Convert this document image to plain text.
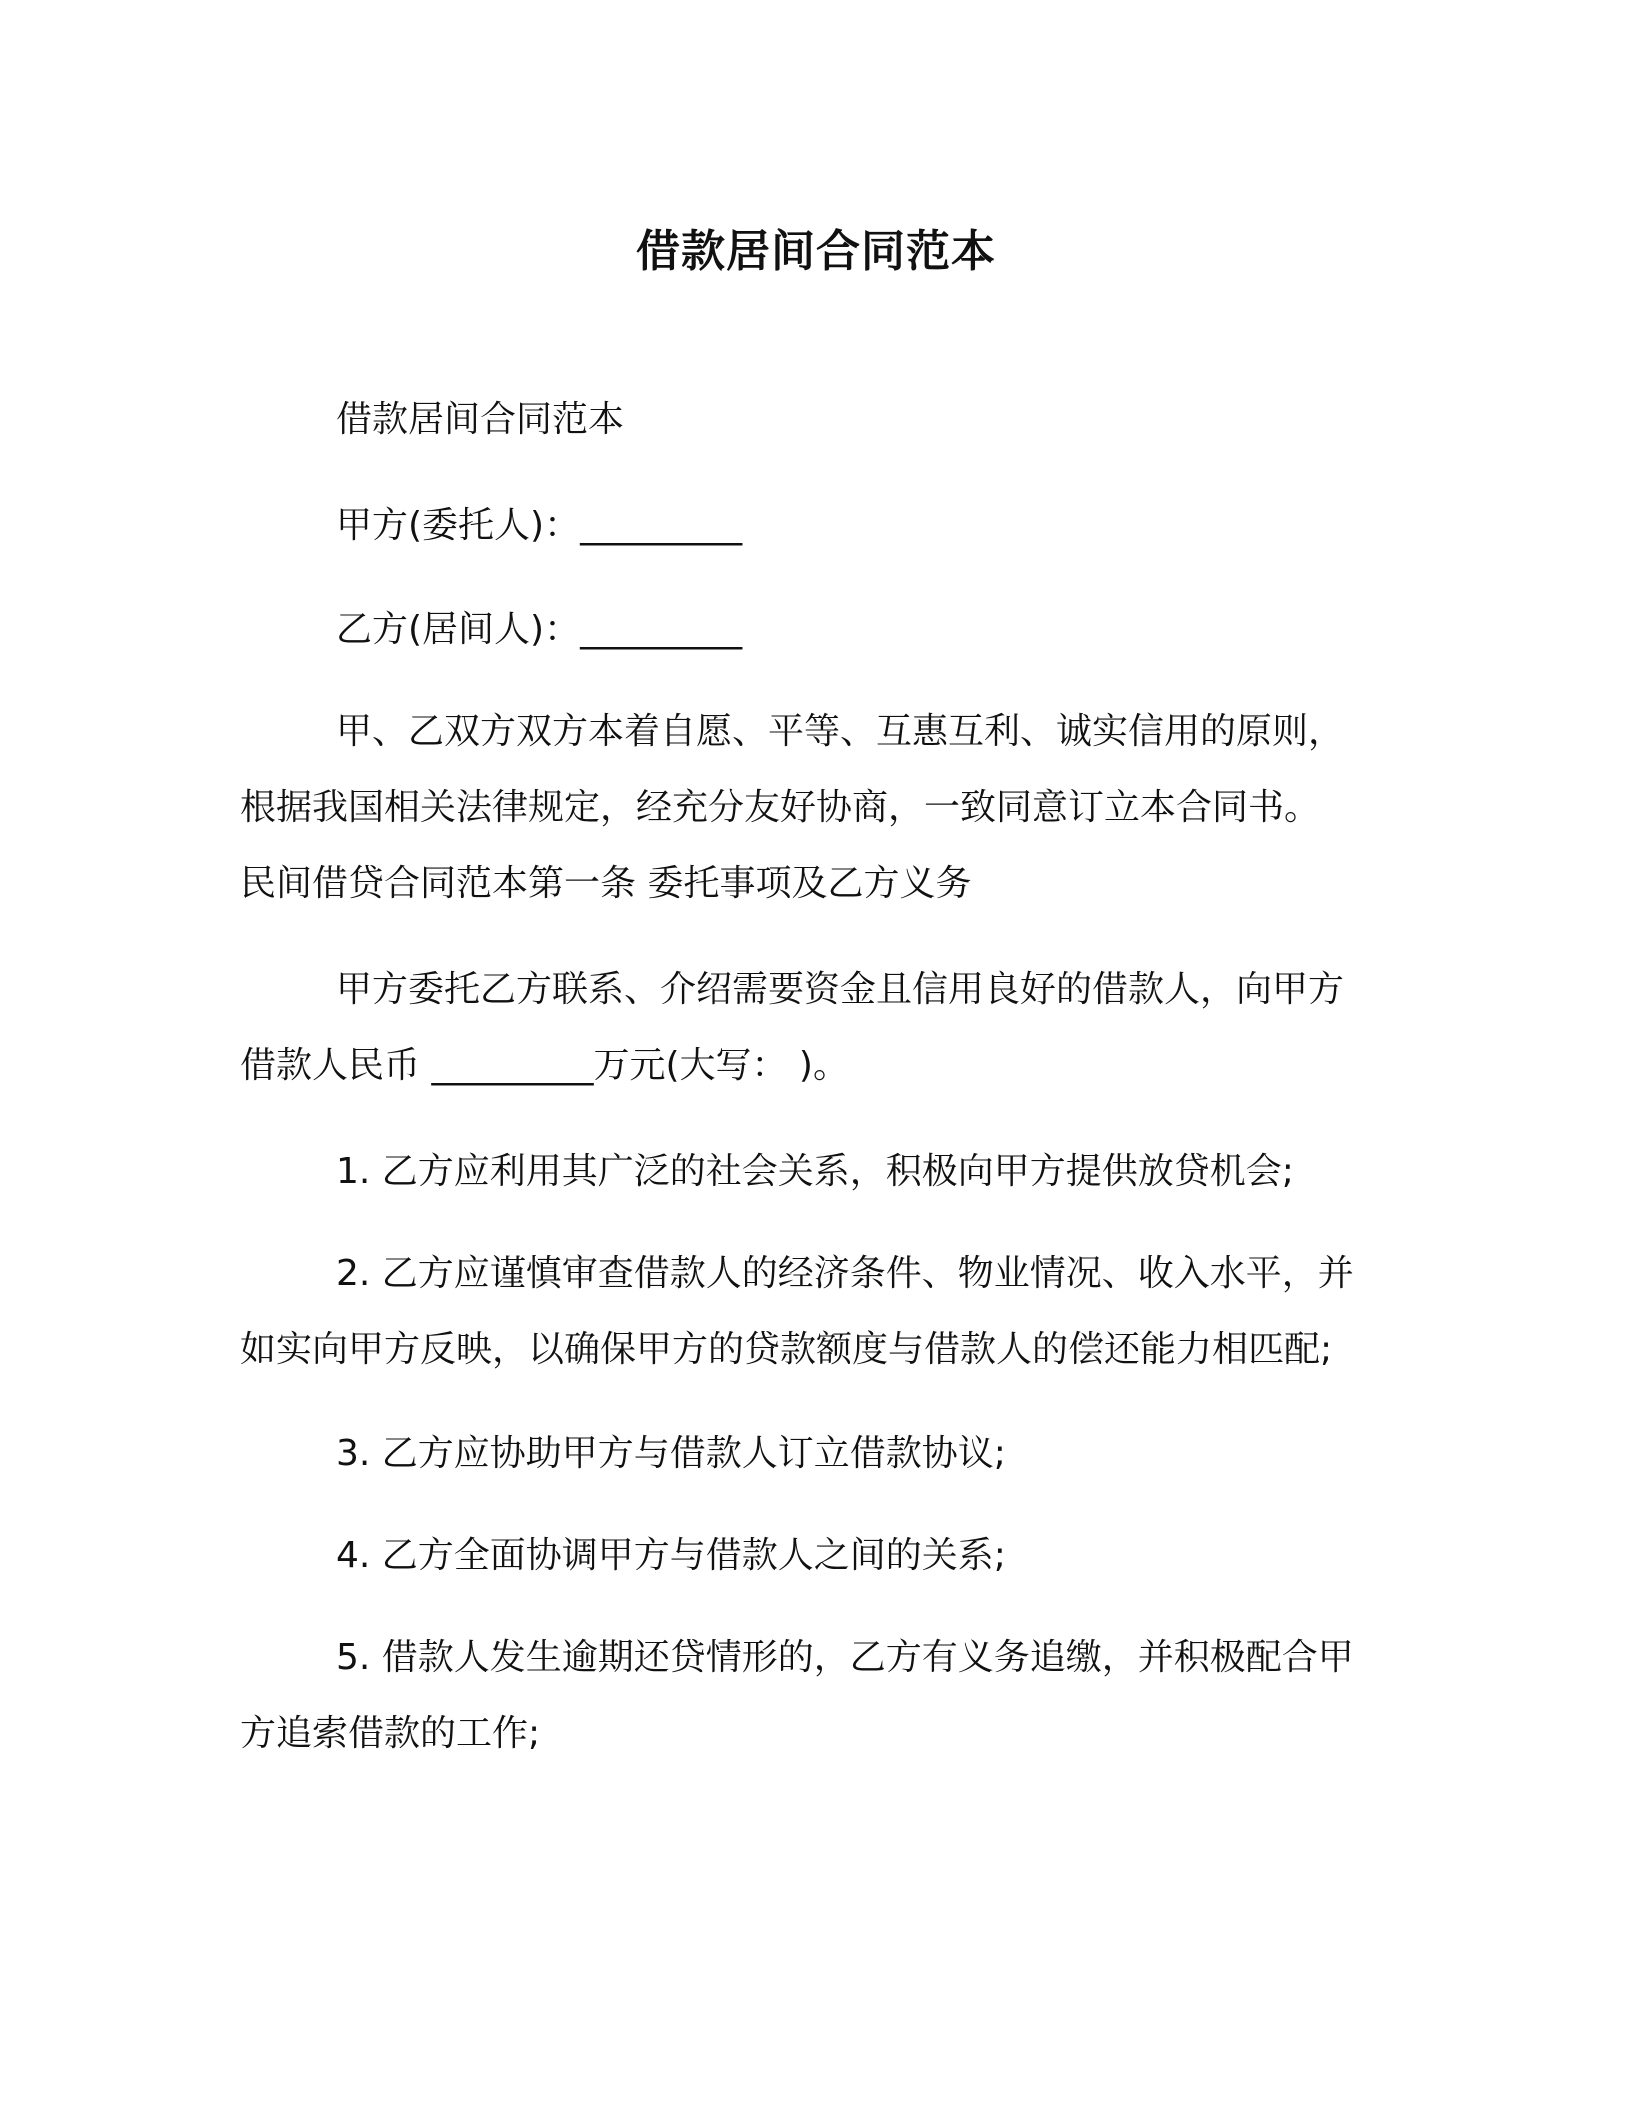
借款居间合同范本
借款居间合同范本
甲方(委托人)：_________
乙方(居间人)：_________
甲、乙双方双方本着自愿、平等、互惠互利、诚实信用的原则，
根据我国相关法律规定，经充分友好协商，一致同意订立本合同书。
民间借贷合同范本第一条 委托事项及乙方义务
甲方委托乙方联系、介绍需要资金且信用良好的借款人，向甲方
借款人民币 _________万元(大写： )。
1. 乙方应利用其广泛的社会关系，积极向甲方提供放贷机会;
2. 乙方应谨慎审查借款人的经济条件、物业情况、收入水平，并
如实向甲方反映，以确保甲方的贷款额度与借款人的偿还能力相匹配;
3. 乙方应协助甲方与借款人订立借款协议;
4. 乙方全面协调甲方与借款人之间的关系;
5. 借款人发生逾期还贷情形的，乙方有义务追缴，并积极配合甲
方追索借款的工作;
